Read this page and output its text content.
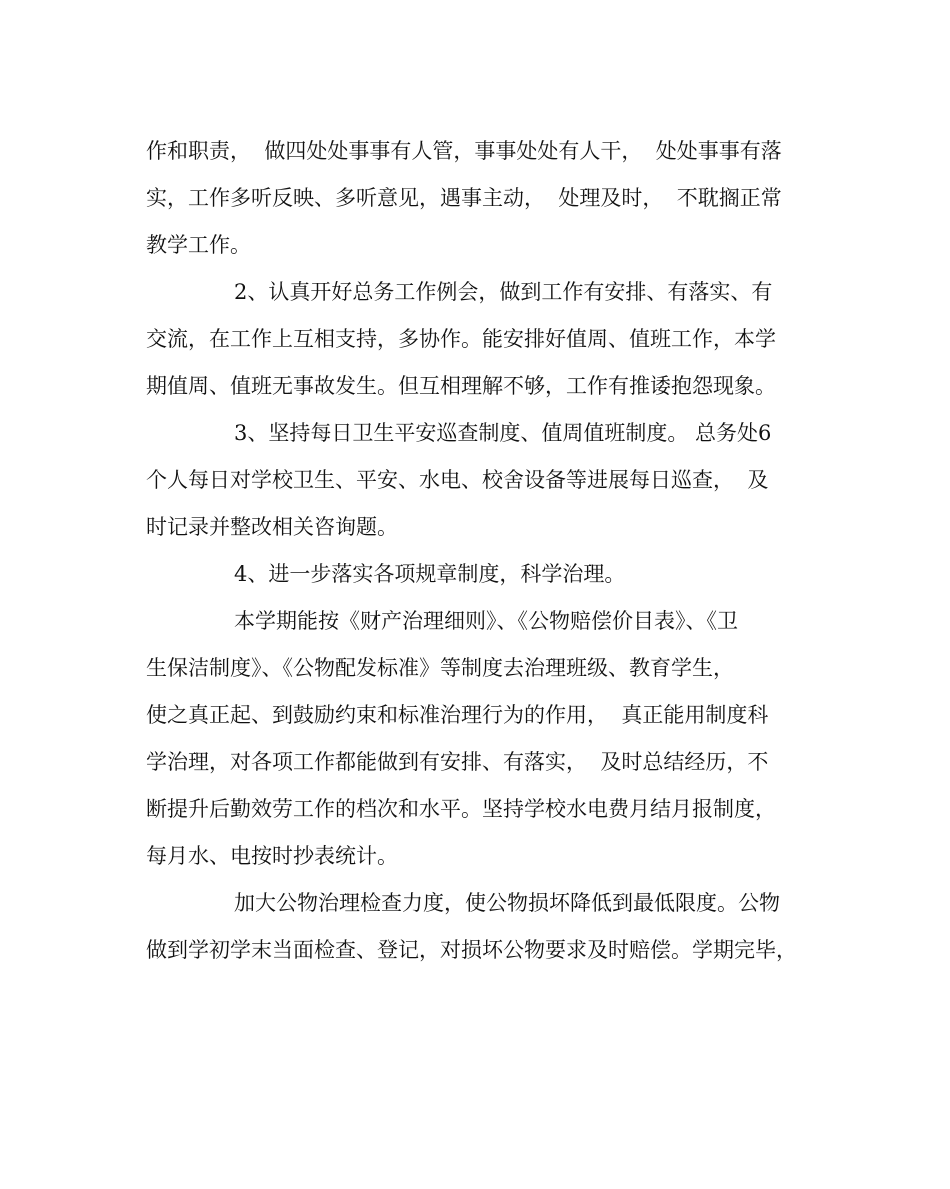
作和职责，  做四处处事事有人管，事事处处有人干，  处处事事有落
实，工作多听反映、多听意见，遇事主动，  处理及时，  不耽搁正常
教学工作。
2、认真开好总务工作例会，做到工作有安排、有落实、有
交流，在工作上互相支持，多协作。能安排好值周、值班工作，本学
期值周、值班无事故发生。但互相理解不够，工作有推诿抱怨现象。
3、坚持每日卫生平安巡查制度、值周值班制度。 总务处6
个人每日对学校卫生、平安、水电、校舍设备等进展每日巡查，  及
时记录并整改相关咨询题。
4、进一步落实各项规章制度，科学治理。
本学期能按《财产治理细则》、《公物赔偿价目表》、《卫
生保洁制度》、《公物配发标准》等制度去治理班级、教育学生，
使之真正起、到鼓励约束和标准治理行为的作用，  真正能用制度科
学治理，对各项工作都能做到有安排、有落实，  及时总结经历，不
断提升后勤效劳工作的档次和水平。坚持学校水电费月结月报制度，
每月水、电按时抄表统计。
加大公物治理检查力度，使公物损坏降低到最低限度。公物
做到学初学末当面检查、登记，对损坏公物要求及时赔偿。学期完毕，
